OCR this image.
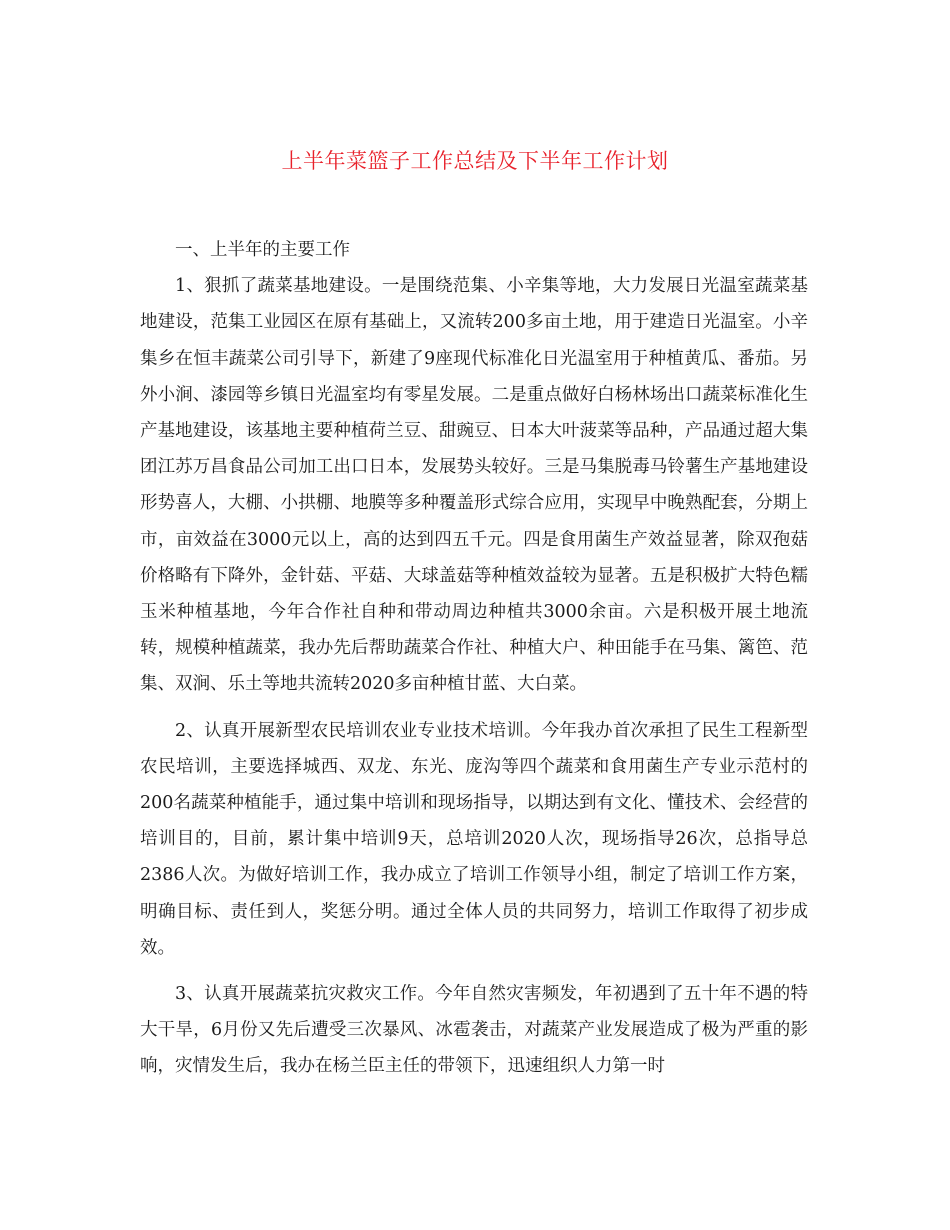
上半年菜篮子工作总结及下半年工作计划

一、上半年的主要工作

1、狠抓了蔬菜基地建设。一是围绕范集、小辛集等地，大力发展日光温室蔬菜基地建设，范集工业园区在原有基础上，又流转200多亩土地，用于建造日光温室。小辛集乡在恒丰蔬菜公司引导下，新建了9座现代标准化日光温室用于种植黄瓜、番茄。另外小涧、漆园等乡镇日光温室均有零星发展。二是重点做好白杨林场出口蔬菜标准化生产基地建设，该基地主要种植荷兰豆、甜豌豆、日本大叶菠菜等品种，产品通过超大集团江苏万昌食品公司加工出口日本，发展势头较好。三是马集脱毒马铃薯生产基地建设形势喜人，大棚、小拱棚、地膜等多种覆盖形式综合应用，实现早中晚熟配套，分期上市，亩效益在3000元以上，高的达到四五千元。四是食用菌生产效益显著，除双孢菇价格略有下降外，金针菇、平菇、大球盖菇等种植效益较为显著。五是积极扩大特色糯玉米种植基地，今年合作社自种和带动周边种植共3000余亩。六是积极开展土地流转，规模种植蔬菜，我办先后帮助蔬菜合作社、种植大户、种田能手在马集、篱笆、范集、双涧、乐土等地共流转2020多亩种植甘蓝、大白菜。

2、认真开展新型农民培训农业专业技术培训。今年我办首次承担了民生工程新型农民培训，主要选择城西、双龙、东光、庞沟等四个蔬菜和食用菌生产专业示范村的200名蔬菜种植能手，通过集中培训和现场指导，以期达到有文化、懂技术、会经营的培训目的，目前，累计集中培训9天，总培训2020人次，现场指导26次，总指导总2386人次。为做好培训工作，我办成立了培训工作领导小组，制定了培训工作方案，明确目标、责任到人，奖惩分明。通过全体人员的共同努力，培训工作取得了初步成效。

3、认真开展蔬菜抗灾救灾工作。今年自然灾害频发，年初遇到了五十年不遇的特大干旱，6月份又先后遭受三次暴风、冰雹袭击，对蔬菜产业发展造成了极为严重的影响，灾情发生后，我办在杨兰臣主任的带领下，迅速组织人力第一时
